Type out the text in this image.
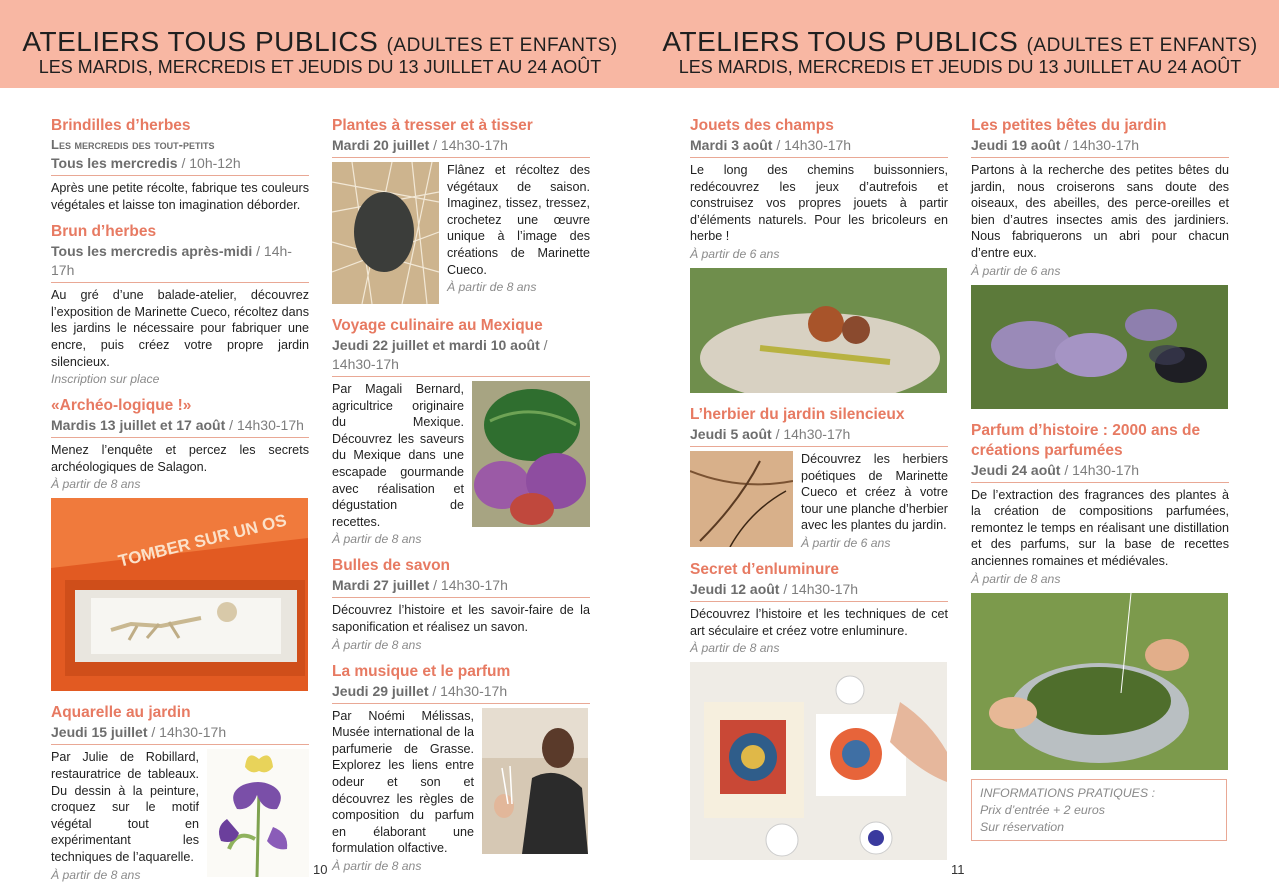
ATELIERS TOUS PUBLICS (ADULTES ET ENFANTS)
LES MARDIS, MERCREDIS ET JEUDIS DU 13 JUILLET AU 24 AOÛT
Brindilles d’herbes
Les mercredis des tout-petits
Tous les mercredis / 10h-12h
Après une petite récolte, fabrique tes couleurs végétales et laisse ton imagination déborder.
Brun d’herbes
Tous les mercredis après-midi / 14h-17h
Au gré d’une balade-atelier, découvrez l’exposition de Marinette Cueco, récoltez dans les jardins le nécessaire pour fabriquer une encre, puis créez votre propre jardin silencieux.
Inscription sur place
«Archéo-logique !»
Mardis 13 juillet et 17 août / 14h30-17h
Menez l’enquête et percez les secrets archéologiques de Salagon.
À partir de 8 ans
TOMBER SUR UN OS
Aquarelle au jardin
Jeudi 15 juillet / 14h30-17h
Par Julie de Robillard, restauratrice de tableaux. Du dessin à la peinture, croquez sur le motif végétal tout en expérimentant les techniques de l’aquarelle.
À partir de 8 ans
Plantes à tresser et à tisser
Mardi 20 juillet / 14h30-17h
Flânez et récoltez des végétaux de saison. Imaginez, tissez, tressez, crochetez une œuvre unique à l’image des créations de Marinette Cueco.
À partir de 8 ans
Voyage culinaire au Mexique
Jeudi 22 juillet et mardi 10 août / 14h30-17h
Par Magali Bernard, agricultrice originaire du Mexique. Découvrez les saveurs du Mexique dans une escapade gourmande avec réalisation et dégustation de recettes.
À partir de 8 ans
Bulles de savon
Mardi 27 juillet / 14h30-17h
Découvrez l’histoire et les savoir-faire de la saponification et réalisez un savon.
À partir de 8 ans
La musique et le parfum
Jeudi 29 juillet / 14h30-17h
Par Noémi Mélissas, Musée international de la parfumerie de Grasse. Explorez les liens entre odeur et son et découvrez les règles de composition du parfum en élaborant une formulation olfactive.
À partir de 8 ans
10
ATELIERS TOUS PUBLICS (ADULTES ET ENFANTS)
LES MARDIS, MERCREDIS ET JEUDIS DU 13 JUILLET AU 24 AOÛT
Jouets des champs
Mardi 3 août / 14h30-17h
Le long des chemins buissonniers, redécouvrez les jeux d’autrefois et construisez vos propres jouets à partir d’éléments naturels. Pour les bricoleurs en herbe !
À partir de 6 ans
L’herbier du jardin silencieux
Jeudi 5 août / 14h30-17h
Découvrez les herbiers poétiques de Marinette Cueco et créez à votre tour une planche d’herbier avec les plantes du jardin.
À partir de 6 ans
Secret d’enluminure
Jeudi 12 août / 14h30-17h
Découvrez l’histoire et les techniques de cet art séculaire et créez votre enluminure.
À partir de 8 ans
Les petites bêtes du jardin
Jeudi 19 août / 14h30-17h
Partons à la recherche des petites bêtes du jardin, nous croiserons sans doute des oiseaux, des abeilles, des perce-oreilles et bien d’autres insectes amis des jardiniers. Nous fabriquerons un abri pour chacun d’entre eux.
À partir de 6 ans
Parfum d’histoire : 2000 ans de créations parfumées
Jeudi 24 août / 14h30-17h
De l’extraction des fragrances des plantes à la création de compositions parfumées, remontez le temps en réalisant une distillation et des parfums, sur la base de recettes anciennes romaines et médiévales.
À partir de 8 ans
INFORMATIONS PRATIQUES :
Prix d’entrée + 2 euros
Sur réservation
11
